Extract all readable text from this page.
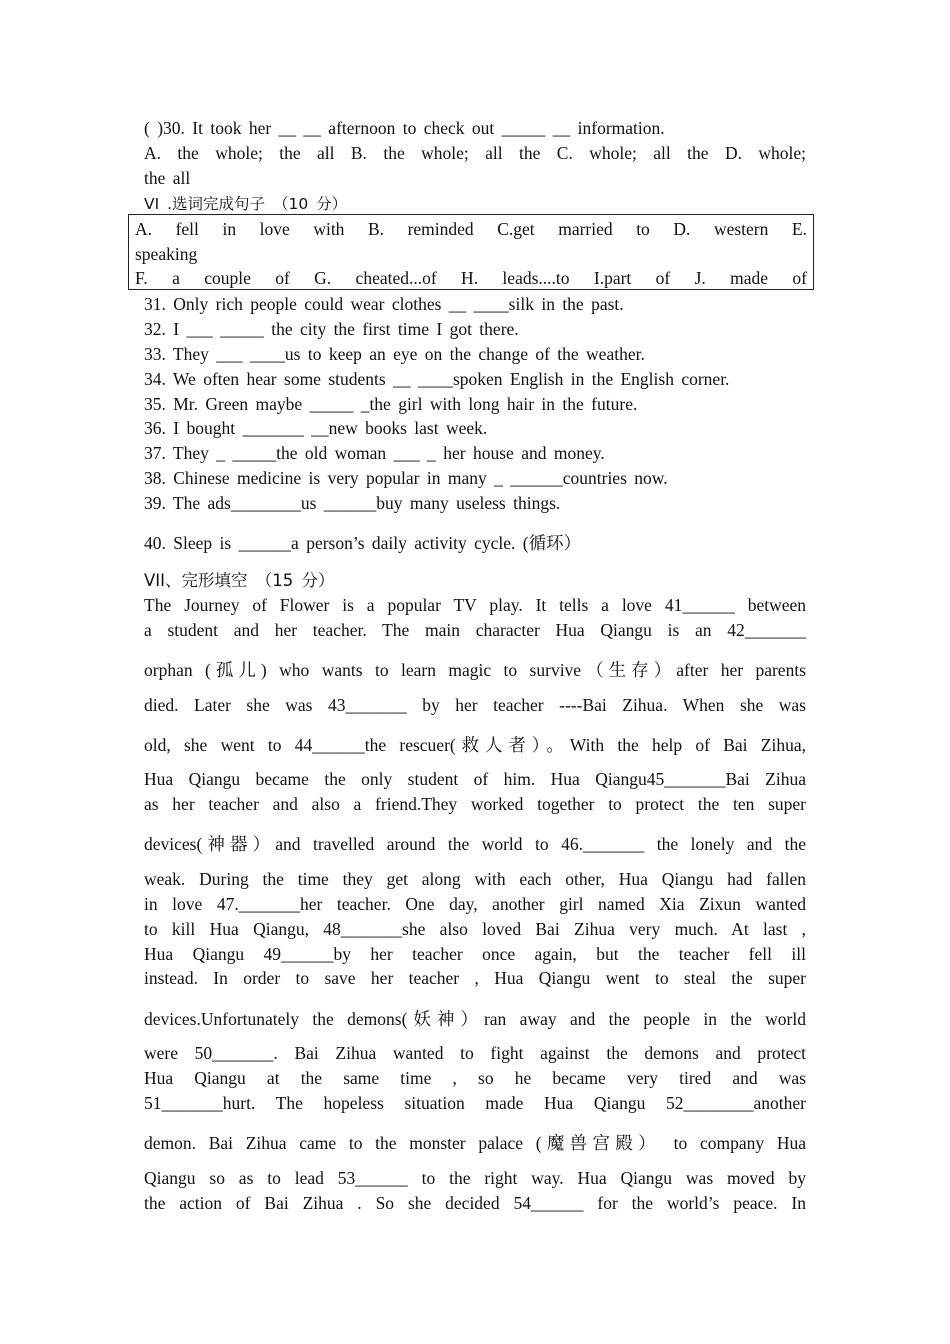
( )30. It took her __ __ afternoon to check out _____ __ information.
A. the whole; the all B. the whole; all the C. whole; all the D. whole;
the all
VI .选词完成句子 （10 分）
A. fell in love with B. reminded C.get married to D. western E.
speaking
F. a couple of G. cheated...of H. leads....to I.part of J. made of
31. Only rich people could wear clothes __ ____silk in the past.
32. I ___ _____ the city the first time I got there.
33. They ___ ____us to keep an eye on the change of the weather.
34. We often hear some students __ ____spoken English in the English corner.
35. Mr. Green maybe _____ _the girl with long hair in the future.
36. I bought _______ __new books last week.
37. They _ _____the old woman ___ _ her house and money.
38. Chinese medicine is very popular in many _ ______countries now.
39. The ads________us ______buy many useless things.
40. Sleep is ______a person’s daily activity cycle. (循环）
VII、完形填空 （15 分）
The Journey of Flower is a popular TV play. It tells a love 41______ between
a student and her teacher. The main character Hua Qiangu is an 42_______
orphan (孤儿) who wants to learn magic to survive（生存）after her parents
died. Later she was 43_______ by her teacher ----Bai Zihua. When she was
old, she went to 44______the rescuer(救人者）。With the help of Bai Zihua,
Hua Qiangu became the only student of him. Hua Qiangu45_______Bai Zihua
as her teacher and also a friend.They worked together to protect the ten super
devices(神器）and travelled around the world to 46._______ the lonely and the
weak. During the time they get along with each other, Hua Qiangu had fallen
in love 47._______her teacher. One day, another girl named Xia Zixun wanted
to kill Hua Qiangu, 48_______she also loved Bai Zihua very much. At last ,
Hua Qiangu 49______by her teacher once again, but the teacher fell ill
instead. In order to save her teacher , Hua Qiangu went to steal the super
devices.Unfortunately the demons(妖神）ran away and the people in the world
were 50_______. Bai Zihua wanted to fight against the demons and protect
Hua Qiangu at the same time , so he became very tired and was
51_______hurt. The hopeless situation made Hua Qiangu 52________another
demon. Bai Zihua came to the monster palace (魔兽宫殿） to company Hua
Qiangu so as to lead 53______ to the right way. Hua Qiangu was moved by
the action of Bai Zihua . So she decided 54______ for the world’s peace. In
